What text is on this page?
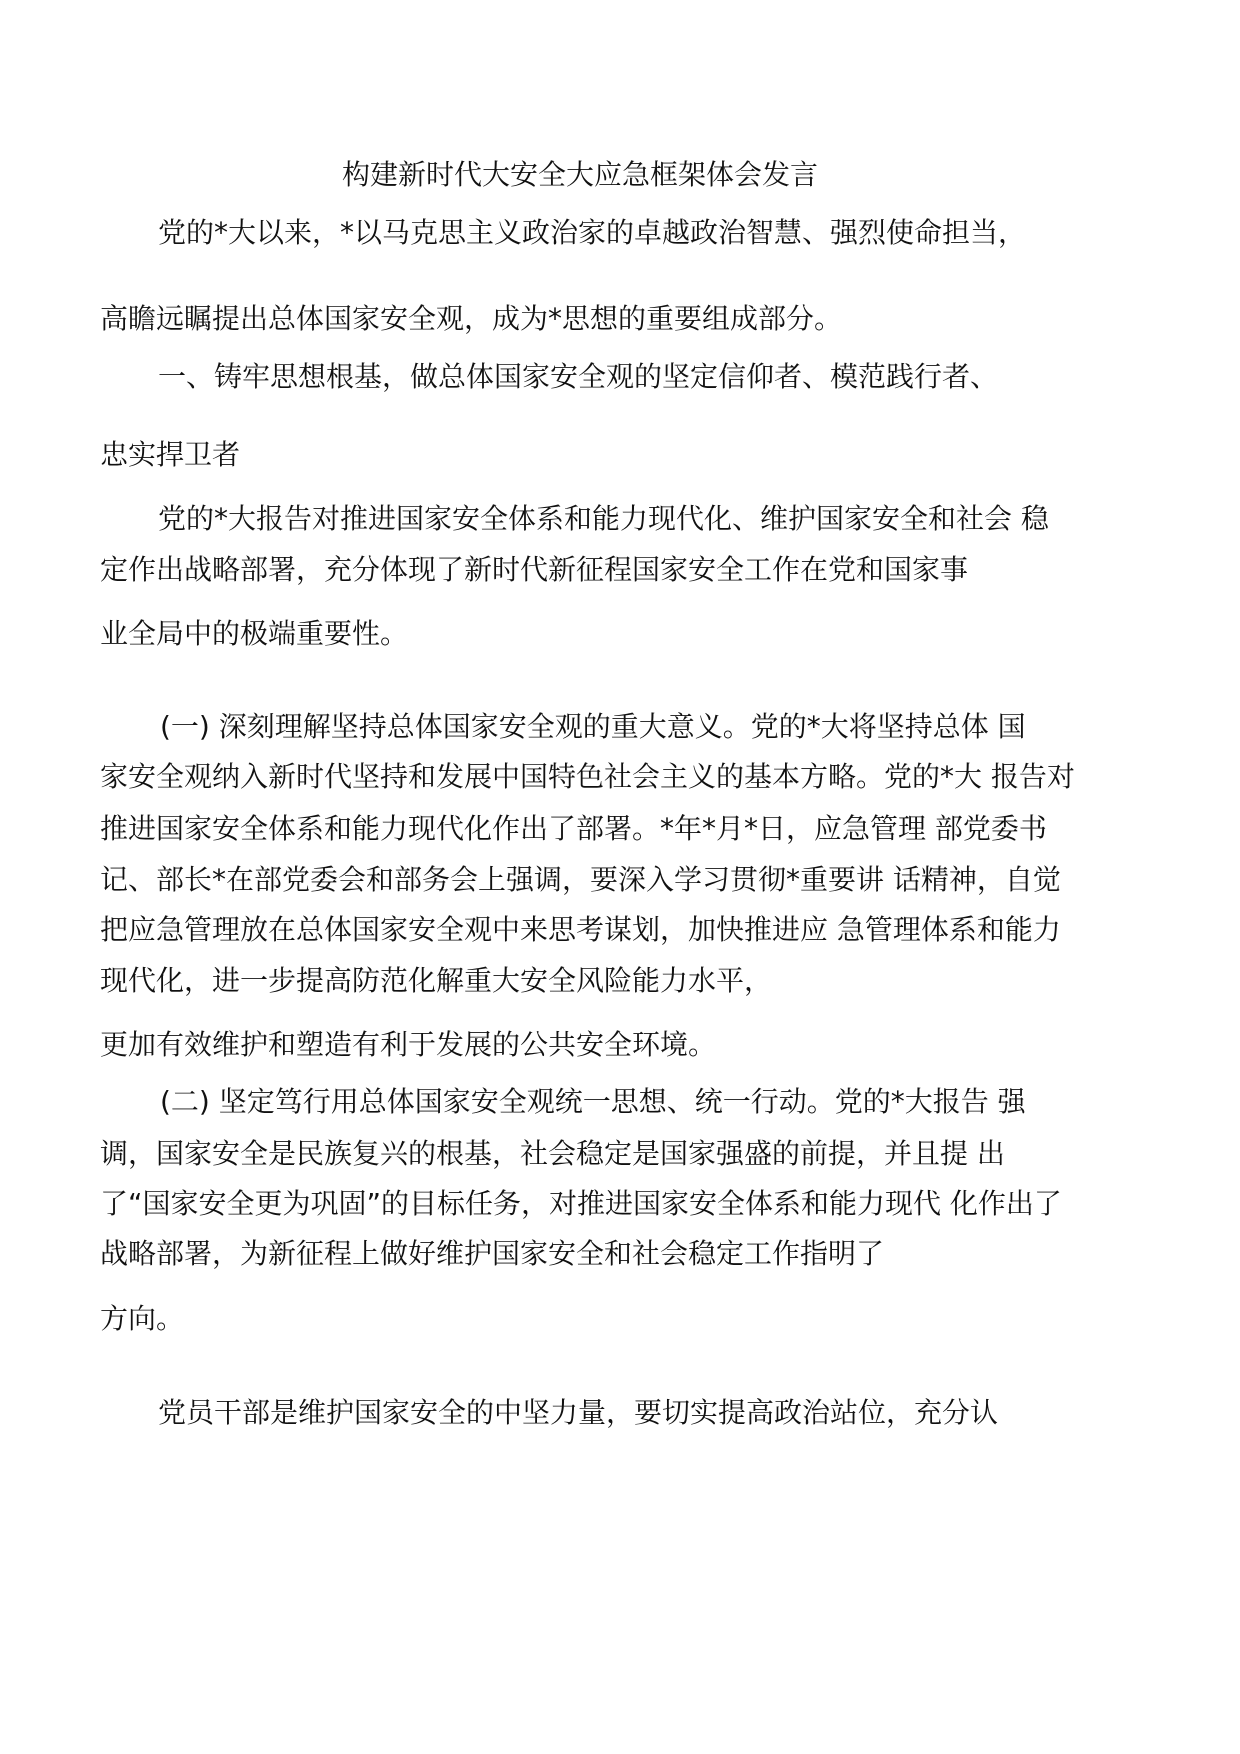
构建新时代大安全大应急框架体会发言
党的*大以来，*以马克思主义政治家的卓越政治智慧、强烈使命担当，
高瞻远瞩提出总体国家安全观，成为*思想的重要组成部分。
一、铸牢思想根基，做总体国家安全观的坚定信仰者、模范践行者、
忠实捍卫者
党的*大报告对推进国家安全体系和能力现代化、维护国家安全和社会 稳
定作出战略部署，充分体现了新时代新征程国家安全工作在党和国家事
业全局中的极端重要性。
(一) 深刻理解坚持总体国家安全观的重大意义。党的*大将坚持总体 国
家安全观纳入新时代坚持和发展中国特色社会主义的基本方略。党的*大 报告对
推进国家安全体系和能力现代化作出了部署。*年*月*日，应急管理 部党委书
记、部长*在部党委会和部务会上强调，要深入学习贯彻*重要讲 话精神，自觉
把应急管理放在总体国家安全观中来思考谋划，加快推进应 急管理体系和能力
现代化，进一步提高防范化解重大安全风险能力水平，
更加有效维护和塑造有利于发展的公共安全环境。
(二) 坚定笃行用总体国家安全观统一思想、统一行动。党的*大报告 强
调，国家安全是民族复兴的根基，社会稳定是国家强盛的前提，并且提 出
了“国家安全更为巩固”的目标任务，对推进国家安全体系和能力现代 化作出了
战略部署，为新征程上做好维护国家安全和社会稳定工作指明了
方向。
党员干部是维护国家安全的中坚力量，要切实提高政治站位，充分认
